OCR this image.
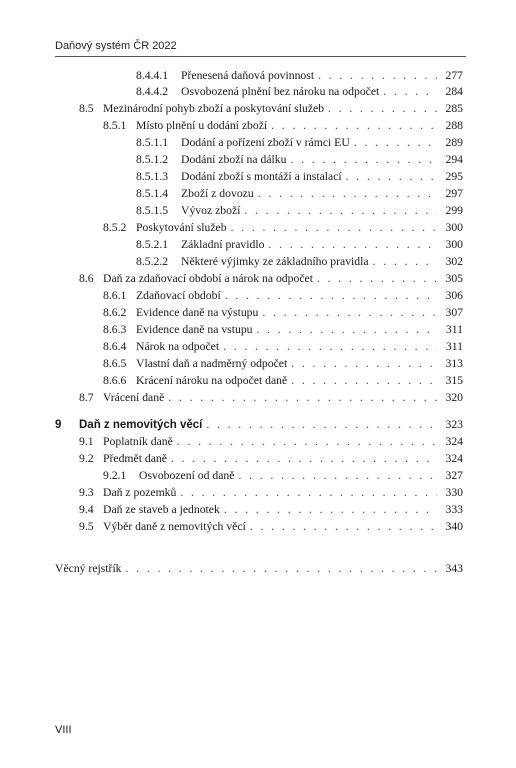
Daňový systém ČR 2022
8.4.4.1	Přenesená daňová povinnost . . .	277
8.4.4.2	Osvobozená plnění bez nároku na odpočet . . .	284
8.5 Mezinárodní pohyb zboží a poskytování služeb . . .	285
8.5.1 Místo plnění u dodání zboží . . .	288
8.5.1.1	Dodání a pořízení zboží v rámci EU . . .	289
8.5.1.2	Dodání zboží na dálku . . .	294
8.5.1.3	Dodání zboží s montáží a instalací . . .	295
8.5.1.4	Zboží z dovozu . . .	297
8.5.1.5	Vývoz zboží . . .	299
8.5.2 Poskytování služeb . . .	300
8.5.2.1	Základní pravidlo . . .	300
8.5.2.2	Některé výjimky ze základního pravidla . . .	302
8.6 Daň za zdaňovací období a nárok na odpočet . . .	305
8.6.1 Zdaňovací období . . .	306
8.6.2 Evidence daně na výstupu . . .	307
8.6.3 Evidence daně na vstupu . . .	311
8.6.4 Nárok na odpočet . . .	311
8.6.5 Vlastní daň a nadměrný odpočet . . .	313
8.6.6 Krácení nároku na odpočet daně . . .	315
8.7 Vrácení daně . . .	320
9	Daň z nemovitých věcí . . .	323
9.1 Poplatník daně . . .	324
9.2 Předmět daně . . .	324
9.2.1	Osvobození od daně . . .	327
9.3 Daň z pozemků . . .	330
9.4 Daň ze staveb a jednotek . . .	333
9.5 Výběr daně z nemovitých věcí . . .	340
Věcný rejstřík . . .	343
VIII
